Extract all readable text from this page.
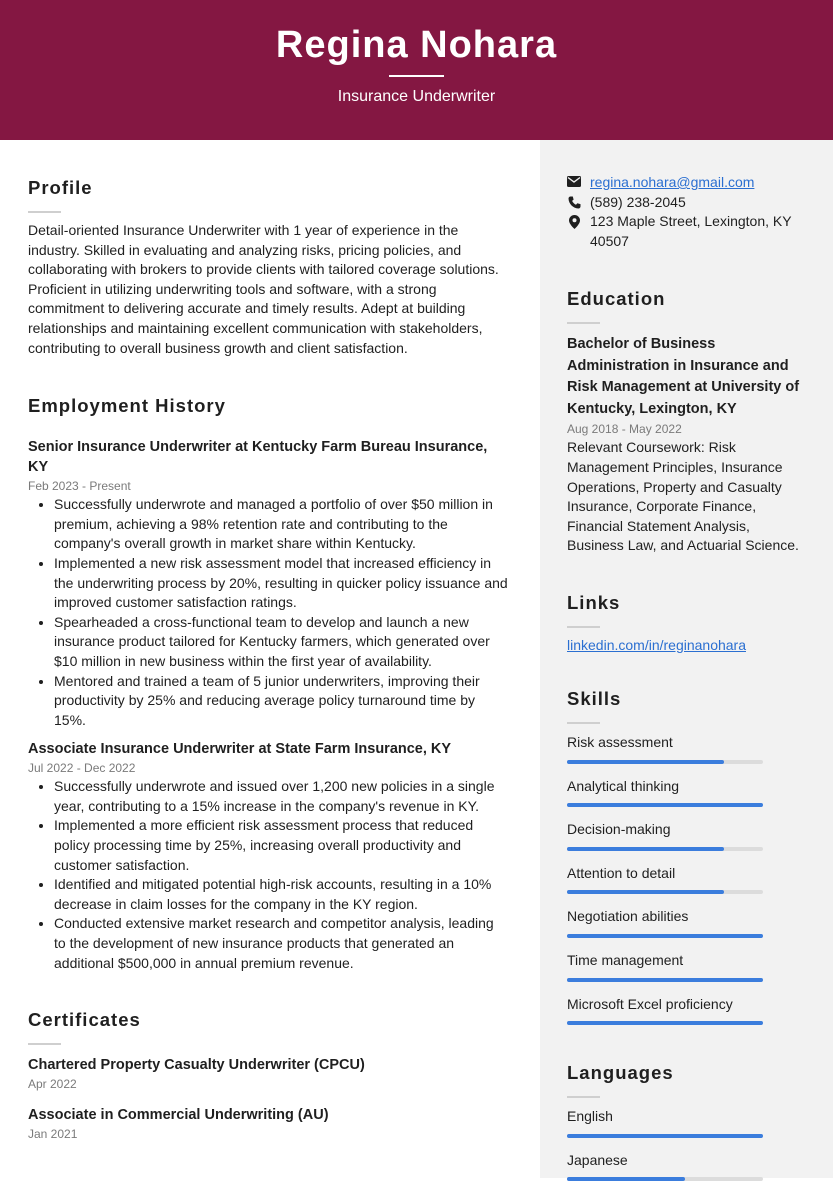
Regina Nohara
Insurance Underwriter
Profile

Detail-oriented Insurance Underwriter with 1 year of experience in the industry. Skilled in evaluating and analyzing risks, pricing policies, and collaborating with brokers to provide clients with tailored coverage solutions. Proficient in utilizing underwriting tools and software, with a strong commitment to delivering accurate and timely results. Adept at building relationships and maintaining excellent communication with stakeholders, contributing to overall business growth and client satisfaction.

Employment History
Senior Insurance Underwriter at Kentucky Farm Bureau Insurance, KY
Feb 2023 - Present
• Successfully underwrote and managed a portfolio of over $50 million in premium, achieving a 98% retention rate and contributing to the company's overall growth in market share within Kentucky.
• Implemented a new risk assessment model that increased efficiency in the underwriting process by 20%, resulting in quicker policy issuance and improved customer satisfaction ratings.
• Spearheaded a cross-functional team to develop and launch a new insurance product tailored for Kentucky farmers, which generated over $10 million in new business within the first year of availability.
• Mentored and trained a team of 5 junior underwriters, improving their productivity by 25% and reducing average policy turnaround time by 15%.
Associate Insurance Underwriter at State Farm Insurance, KY
Jul 2022 - Dec 2022
• Successfully underwrote and issued over 1,200 new policies in a single year, contributing to a 15% increase in the company's revenue in KY.
• Implemented a more efficient risk assessment process that reduced policy processing time by 25%, increasing overall productivity and customer satisfaction.
• Identified and mitigated potential high-risk accounts, resulting in a 10% decrease in claim losses for the company in the KY region.
• Conducted extensive market research and competitor analysis, leading to the development of new insurance products that generated an additional $500,000 in annual premium revenue.
Certificates
Chartered Property Casualty Underwriter (CPCU)
Apr 2022
Associate in Commercial Underwriting (AU)
Jan 2021
regina.nohara@gmail.com
(589) 238-2045
123 Maple Street, Lexington, KY
40507
Education
Bachelor of Business Administration in Insurance and Risk Management at University of Kentucky, Lexington, KY
Aug 2018 - May 2022
Relevant Coursework: Risk Management Principles, Insurance Operations, Property and Casualty Insurance, Corporate Finance, Financial Statement Analysis, Business Law, and Actuarial Science.
Links
linkedin.com/in/reginanohara
Skills
Risk assessment
Analytical thinking
Decision-making
Attention to detail
Negotiation abilities
Time management
Microsoft Excel proficiency
Languages
English
Japanese
